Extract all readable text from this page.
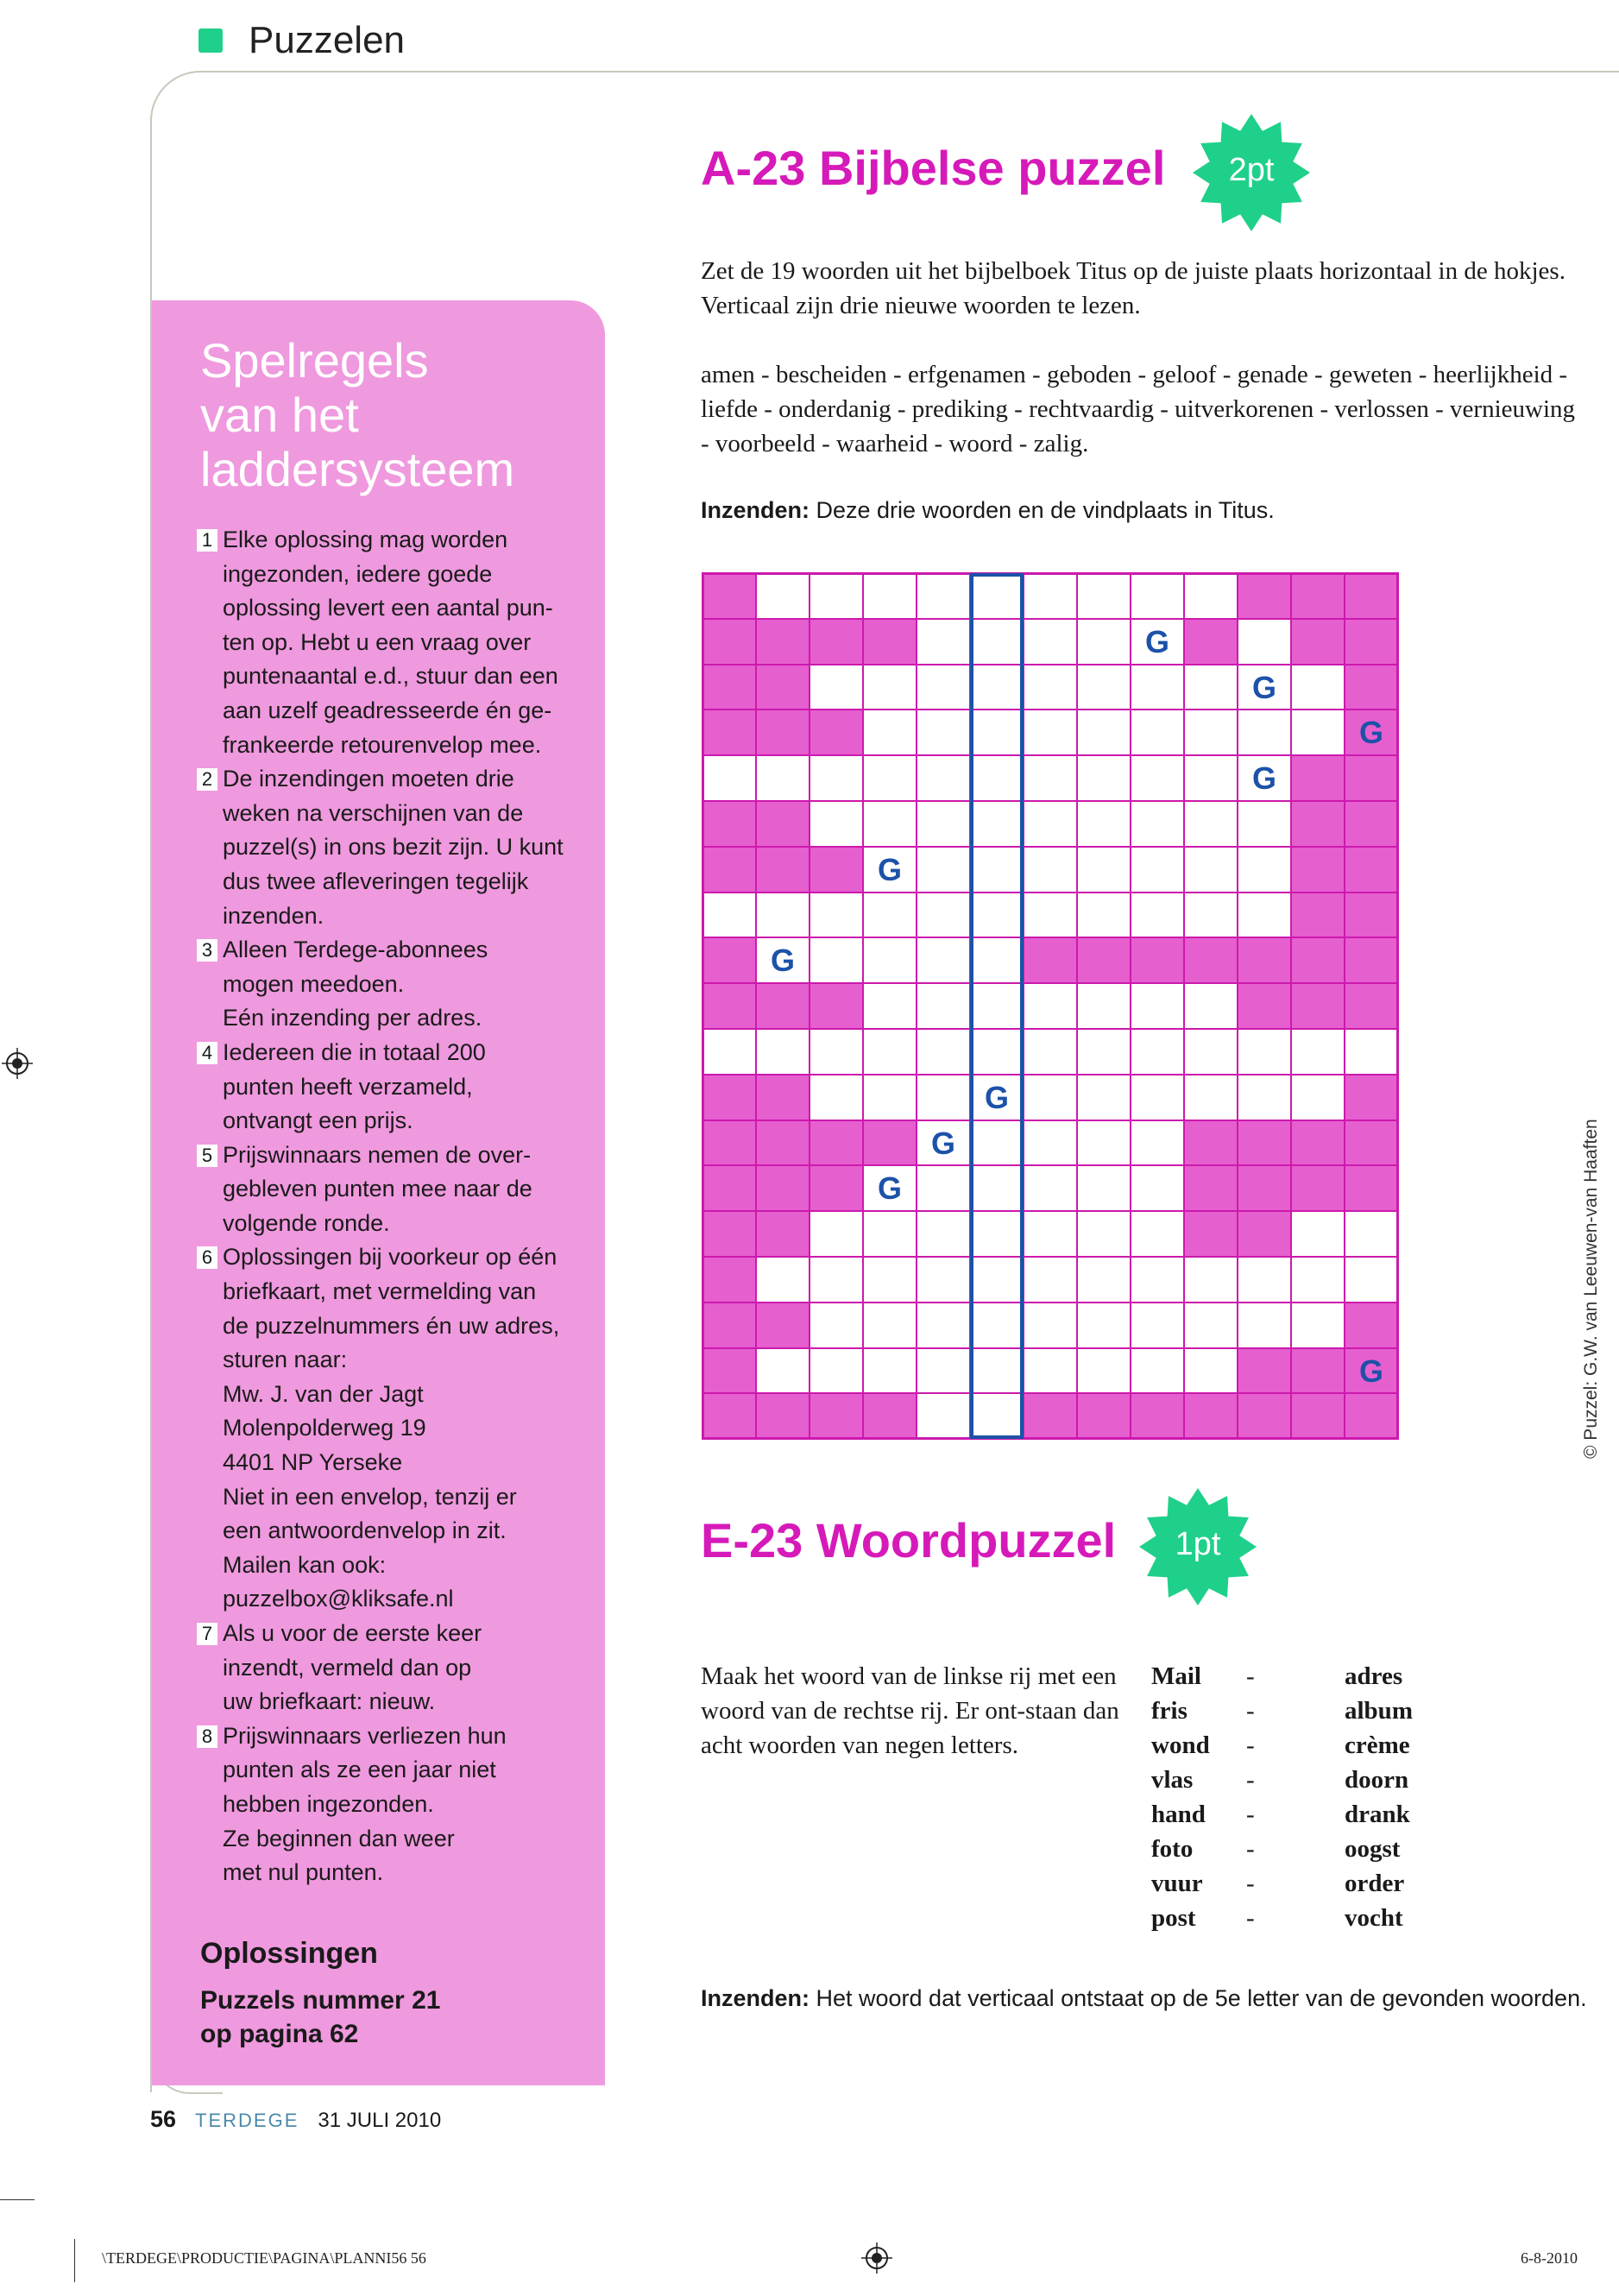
Puzzelen
Spelregels
van het
laddersysteem
1 Elke oplossing mag worden
ingezonden, iedere goede
oplossing levert een aantal pun-
ten op. Hebt u een vraag over
puntenaantal e.d., stuur dan een
aan uzelf geadresseerde én ge-
frankeerde retourenvelop mee.
2 De inzendingen moeten drie
weken na verschijnen van de
puzzel(s) in ons bezit zijn. U kunt
dus twee afleveringen tegelijk
inzenden.
3 Alleen Terdege-abonnees
mogen meedoen.
Eén inzending per adres.
4 Iedereen die in totaal 200
punten heeft verzameld,
ontvangt een prijs.
5 Prijswinnaars nemen de over-
gebleven punten mee naar de
volgende ronde.
6 Oplossingen bij voorkeur op één
briefkaart, met vermelding van
de puzzelnummers én uw adres,
sturen naar:
Mw. J. van der Jagt
Molenpolderweg 19
4401 NP Yerseke
Niet in een envelop, tenzij er
een antwoordenvelop in zit.
Mailen kan ook:
puzzelbox@kliksafe.nl
7 Als u voor de eerste keer
inzendt, vermeld dan op
uw briefkaart: nieuw.
8 Prijswinnaars verliezen hun
punten als ze een jaar niet
hebben ingezonden.
Ze beginnen dan weer
met nul punten.
Oplossingen
Puzzels nummer 21
op pagina 62
A-23 Bijbelse puzzel	2pt
Zet de 19 woorden uit het bijbelboek Titus op de juiste plaats horizontaal in de hokjes. Verticaal zijn drie nieuwe woorden te lezen.
amen - bescheiden - erfgenamen - geboden - geloof - genade - geweten - heerlijkheid - liefde - onderdanig - prediking - rechtvaardig - uitverkorenen - verlossen - vernieuwing - voorbeeld - waarheid - woord - zalig.
Inzenden: Deze drie woorden en de vindplaats in Titus.
G
G
G
G
G
G
G
G
G
G
E-23 Woordpuzzel	1pt
Maak het woord van de linkse rij met een woord van de rechtse rij. Er ont-staan dan acht woorden van negen letters.
Mail	-	adres
fris	-	album
wond	-	crème
vlas	-	doorn
hand	-	drank
foto	-	oogst
vuur	-	order
post	-	vocht
Inzenden: Het woord dat verticaal ontstaat op de 5e letter van de gevonden woorden.
© Puzzel: G.W. van Leeuwen-van Haaften
56 TERDEGE 31 JULI 2010
\TERDEGE\PRODUCTIE\PAGINA\PLANNI56 56	6-8-2010
